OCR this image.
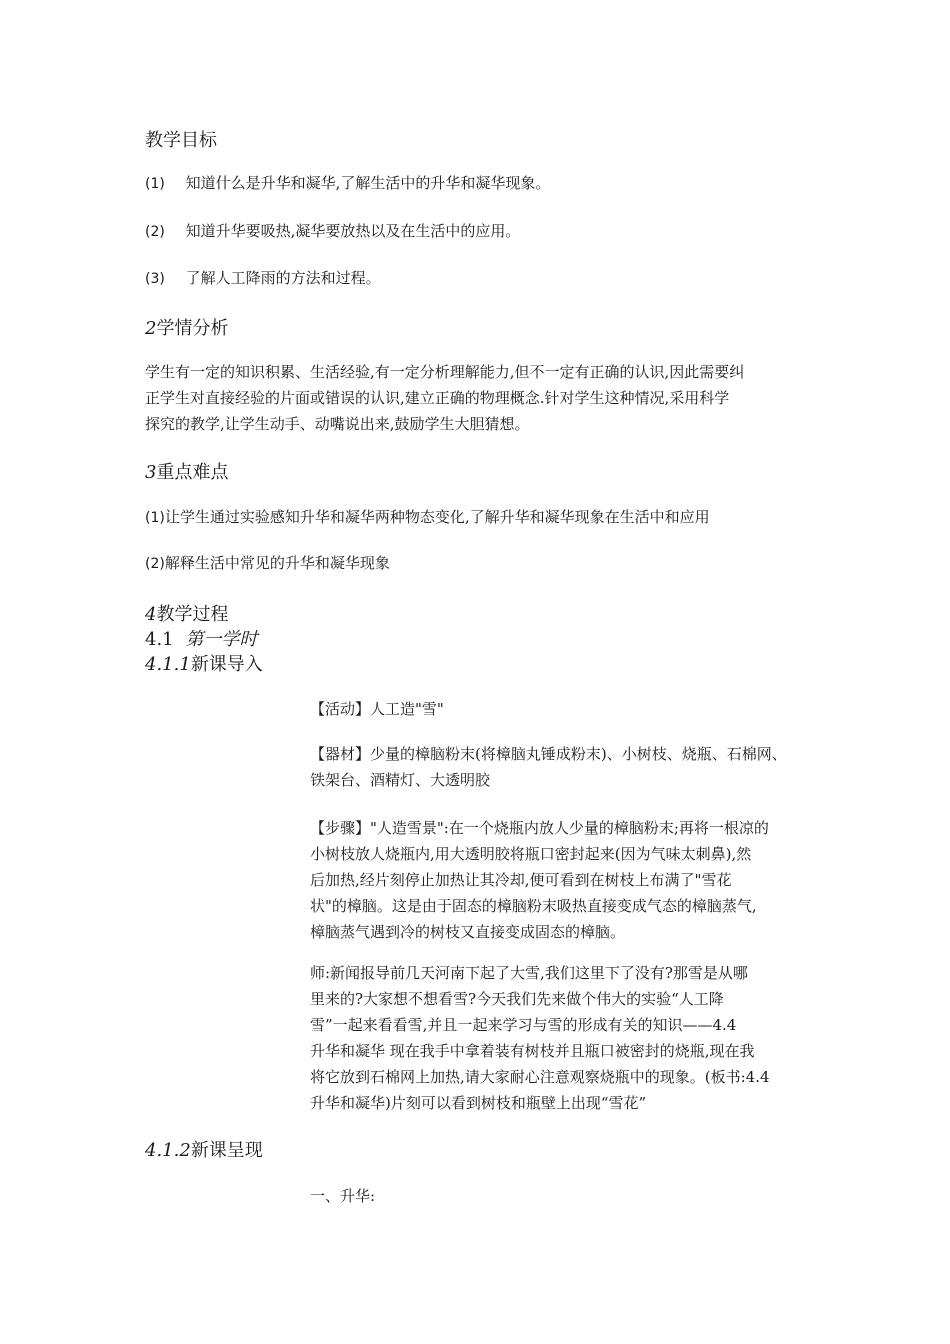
教学目标
(1) 知道什么是升华和凝华,了解生活中的升华和凝华现象。
(2) 知道升华要吸热,凝华要放热以及在生活中的应用。
(3) 了解人工降雨的方法和过程。
2学情分析
学生有一定的知识积累、生活经验,有一定分析理解能力,但不一定有正确的认识,因此需要纠
正学生对直接经验的片面或错误的认识,建立正确的物理概念.针对学生这种情况,采用科学
探究的教学,让学生动手、动嘴说出来,鼓励学生大胆猜想。
3重点难点
(1)让学生通过实验感知升华和凝华两种物态变化,了解升华和凝华现象在生活中和应用
(2)解释生活中常见的升华和凝华现象
4教学过程
4.1 第一学时
4.1.1新课导入
【活动】人工造"雪"
【器材】少量的樟脑粉末(将樟脑丸锤成粉末)、小树枝、烧瓶、石棉网、
铁架台、酒精灯、大透明胶
【步骤】"人造雪景":在一个烧瓶内放人少量的樟脑粉末;再将一根凉的
小树枝放人烧瓶内,用大透明胶将瓶口密封起来(因为气味太刺鼻),然
后加热,经片刻停止加热让其冷却,便可看到在树枝上布满了"雪花
状"的樟脑。这是由于固态的樟脑粉末吸热直接变成气态的樟脑蒸气,
樟脑蒸气遇到冷的树枝又直接变成固态的樟脑。
师:新闻报导前几天河南下起了大雪,我们这里下了没有?那雪是从哪
里来的?大家想不想看雪?今天我们先来做个伟大的实验“人工降
雪”一起来看看雪,并且一起来学习与雪的形成有关的知识——4.4
升华和凝华 现在我手中拿着装有树枝并且瓶口被密封的烧瓶,现在我
将它放到石棉网上加热,请大家耐心注意观察烧瓶中的现象。(板书:4.4
升华和凝华)片刻可以看到树枝和瓶壁上出现“雪花”
4.1.2新课呈现
一、升华:
